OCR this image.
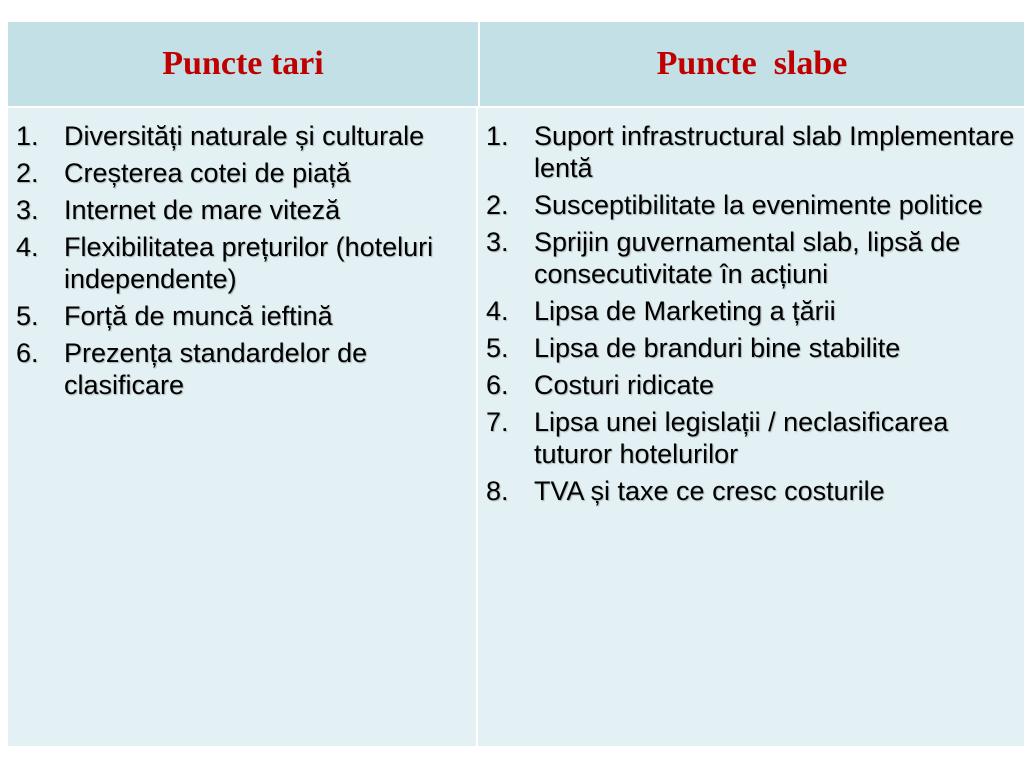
Puncte tari	Puncte  slabe
1. Diversități naturale și culturale
2. Creșterea cotei de piață
3. Internet de mare viteză
4. Flexibilitatea prețurilor (hoteluri independente)
5. Forță de muncă ieftină
6. Prezența standardelor de clasificare
1. Suport infrastructural slab Implementare lentă
2. Susceptibilitate la evenimente politice
3. Sprijin guvernamental slab, lipsă de consecutivitate în acțiuni
4. Lipsa de Marketing a țării
5. Lipsa de branduri bine stabilite
6. Costuri ridicate
7. Lipsa unei legislații / neclasificarea tuturor hotelurilor
8. TVA și taxe ce cresc costurile
